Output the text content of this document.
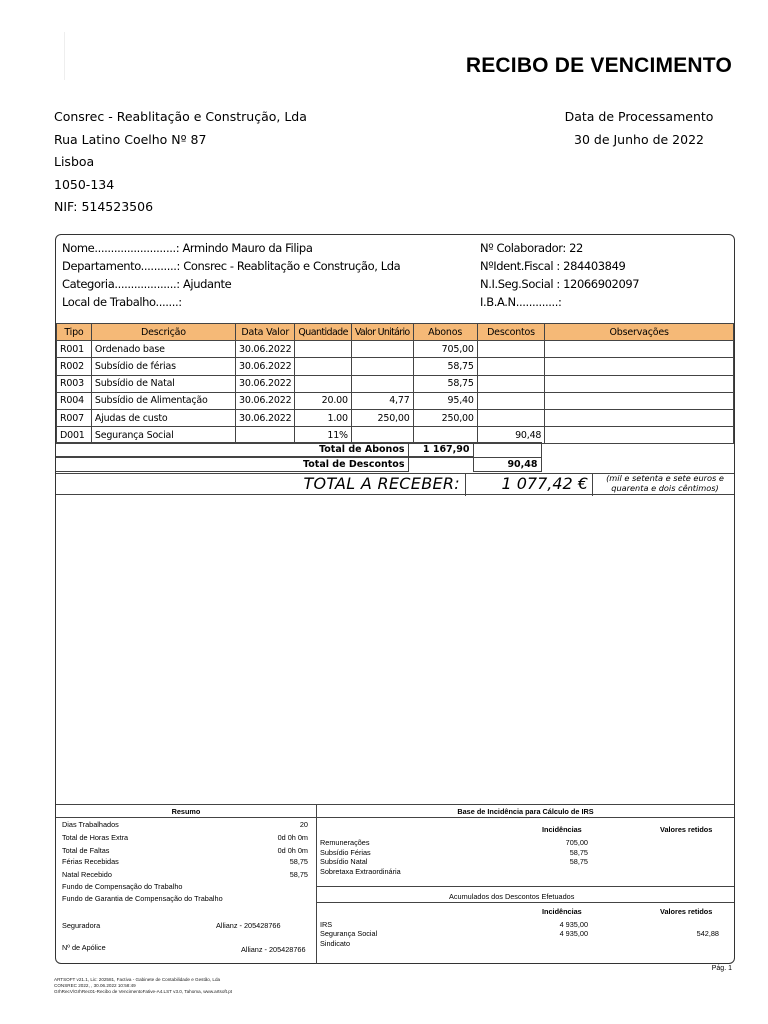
RECIBO DE VENCIMENTO
Consrec - Reablitação e Construção, Lda
Rua Latino Coelho Nº 87
Lisboa
1050-134
NIF: 514523506
Data de Processamento
30 de Junho de 2022
Nome.........................: Armindo Mauro da Filipa
Departamento...........: Consrec - Reablitação e Construção, Lda
Categoria...................: Ajudante
Local de Trabalho.......:
Nº Colaborador: 22
NºIdent.Fiscal : 284403849
N.I.Seg.Social : 12066902097
I.B.A.N.............:
Tipo	Descrição	Data Valor	Quantidade	Valor Unitário	Abonos	Descontos	Observações
R001	Ordenado base	30.06.2022			705,00		
R002	Subsídio de férias	30.06.2022			58,75		
R003	Subsídio de Natal	30.06.2022			58,75		
R004	Subsídio de Alimentação	30.06.2022	20.00	4,77	95,40		
R007	Ajudas de custo	30.06.2022	1.00	250,00	250,00		
D001	Segurança Social		11%			90,48	
Total de Abonos	1 167,90		
Total de Descontos		90,48	
TOTAL A RECEBER:	1 077,42 €	(mil e setenta e sete euros e quarenta e dois cêntimos)
Resumo	Base de Incidência para Cálculo de IRS
Dias Trabalhados	20
Total de Horas Extra	0d 0h 0m
Total de Faltas	0d 0h 0m
Férias Recebidas	58,75
Natal Recebido	58,75
Fundo de Compensação do Trabalho
Fundo de Garantia de Compensação do Trabalho
Seguradora	Allianz - 205428766
Nº de Apólice	Allianz - 205428766
Incidências	Valores retidos
Remunerações	705,00
Subsídio Férias	58,75
Subsídio Natal	58,75
Sobretaxa Extraordinária
Acumulados dos Descontos Efetuados
Incidências	Valores retidos
IRS	4 935,00
Segurança Social	4 935,00	542,88
Sindicato
Pág. 1
ARTSOFT v21.1, Lic: 202581, Factiva - Gabinete de Contabilidade e Gestão, Lda
CONSREC 2022, , 30.06.2022 10:58:49
GrhRecV\GrhRec01-Recibo de VencimentoFative-A4.LST v3.0, Tahoma, www.artsoft.pt
